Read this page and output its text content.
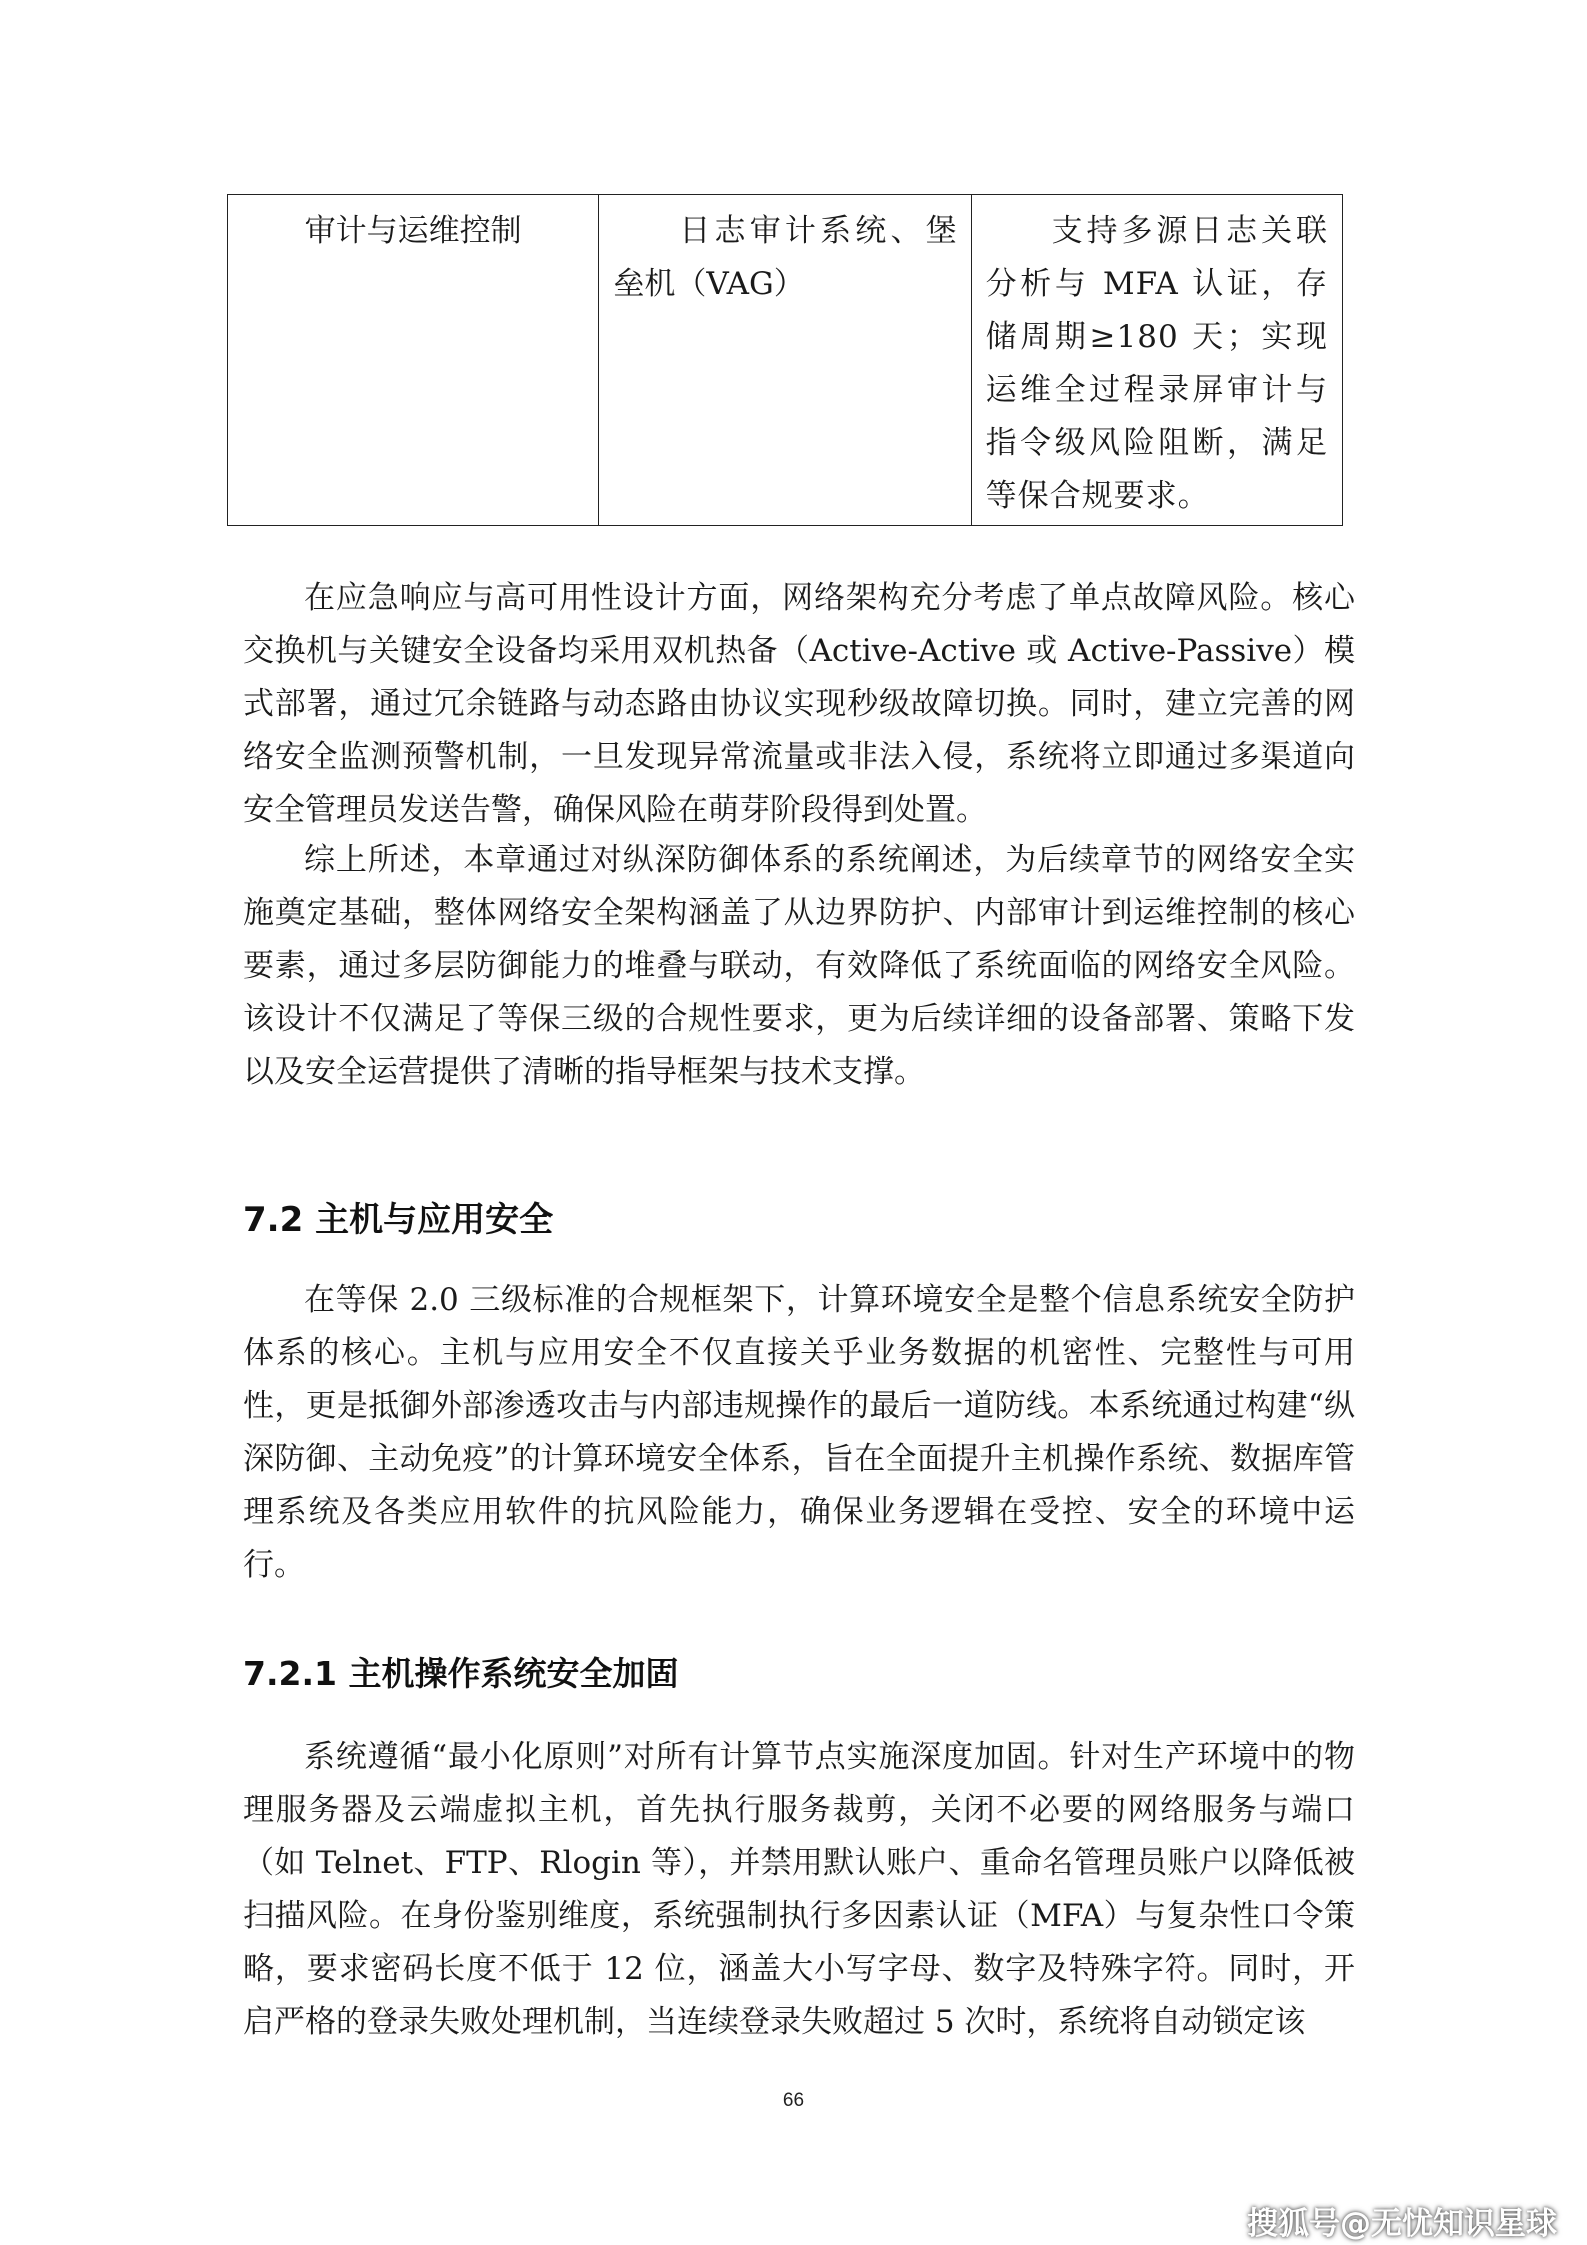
审计与运维控制	日志审计系统、堡垒机（VAG）	支持多源日志关联分析与 MFA 认证，存储周期≥180 天；实现运维全过程录屏审计与指令级风险阻断，满足等保合规要求。

在应急响应与高可用性设计方面，网络架构充分考虑了单点故障风险。核心交换机与关键安全设备均采用双机热备（Active-Active 或 Active-Passive）模式部署，通过冗余链路与动态路由协议实现秒级故障切换。同时，建立完善的网络安全监测预警机制，一旦发现异常流量或非法入侵，系统将立即通过多渠道向安全管理员发送告警，确保风险在萌芽阶段得到处置。

综上所述，本章通过对纵深防御体系的系统阐述，为后续章节的网络安全实施奠定基础，整体网络安全架构涵盖了从边界防护、内部审计到运维控制的核心要素，通过多层防御能力的堆叠与联动，有效降低了系统面临的网络安全风险。该设计不仅满足了等保三级的合规性要求，更为后续详细的设备部署、策略下发以及安全运营提供了清晰的指导框架与技术支撑。

7.2 主机与应用安全

在等保 2.0 三级标准的合规框架下，计算环境安全是整个信息系统安全防护体系的核心。主机与应用安全不仅直接关乎业务数据的机密性、完整性与可用性，更是抵御外部渗透攻击与内部违规操作的最后一道防线。本系统通过构建“纵深防御、主动免疫”的计算环境安全体系，旨在全面提升主机操作系统、数据库管理系统及各类应用软件的抗风险能力，确保业务逻辑在受控、安全的环境中运行。

7.2.1 主机操作系统安全加固

系统遵循“最小化原则”对所有计算节点实施深度加固。针对生产环境中的物理服务器及云端虚拟主机，首先执行服务裁剪，关闭不必要的网络服务与端口（如 Telnet、FTP、Rlogin 等），并禁用默认账户、重命名管理员账户以降低被扫描风险。在身份鉴别维度，系统强制执行多因素认证（MFA）与复杂性口令策略，要求密码长度不低于 12 位，涵盖大小写字母、数字及特殊字符。同时，开启严格的登录失败处理机制，当连续登录失败超过 5 次时，系统将自动锁定该

66
搜狐号@无忧知识星球
